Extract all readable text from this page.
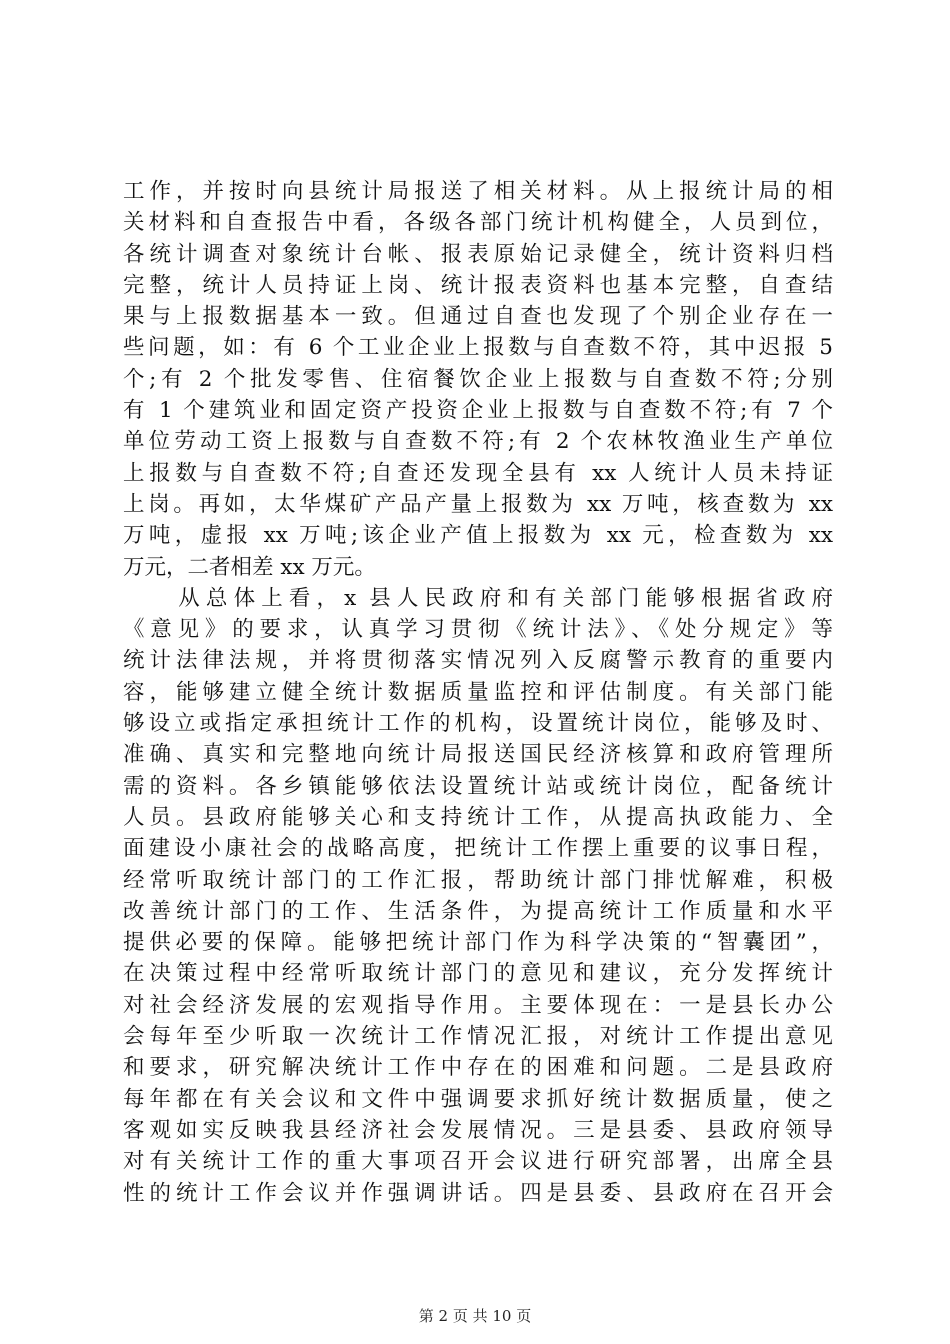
工作，并按时向县统计局报送了相关材料。从上报统计局的相
关材料和自查报告中看，各级各部门统计机构健全，人员到位，
各统计调查对象统计台帐、报表原始记录健全，统计资料归档
完整，统计人员持证上岗、统计报表资料也基本完整，自查结
果与上报数据基本一致。但通过自查也发现了个别企业存在一
些问题，如：有 6 个工业企业上报数与自查数不符，其中迟报 5
个;有 2 个批发零售、住宿餐饮企业上报数与自查数不符;分别
有 1 个建筑业和固定资产投资企业上报数与自查数不符;有 7 个
单位劳动工资上报数与自查数不符;有 2 个农林牧渔业生产单位
上报数与自查数不符;自查还发现全县有 xx 人统计人员未持证
上岗。再如，太华煤矿产品产量上报数为 xx 万吨，核查数为 xx
万吨，虚报 xx 万吨;该企业产值上报数为 xx 元，检查数为 xx
万元，二者相差 xx 万元。
　　从总体上看，x 县人民政府和有关部门能够根据省政府
《意见》的要求，认真学习贯彻《统计法》、《处分规定》等
统计法律法规，并将贯彻落实情况列入反腐警示教育的重要内
容，能够建立健全统计数据质量监控和评估制度。有关部门能
够设立或指定承担统计工作的机构，设置统计岗位，能够及时、
准确、真实和完整地向统计局报送国民经济核算和政府管理所
需的资料。各乡镇能够依法设置统计站或统计岗位，配备统计
人员。县政府能够关心和支持统计工作，从提高执政能力、全
面建设小康社会的战略高度，把统计工作摆上重要的议事日程，
经常听取统计部门的工作汇报，帮助统计部门排忧解难，积极
改善统计部门的工作、生活条件，为提高统计工作质量和水平
提供必要的保障。能够把统计部门作为科学决策的“智囊团”，
在决策过程中经常听取统计部门的意见和建议，充分发挥统计
对社会经济发展的宏观指导作用。主要体现在：一是县长办公
会每年至少听取一次统计工作情况汇报，对统计工作提出意见
和要求，研究解决统计工作中存在的困难和问题。二是县政府
每年都在有关会议和文件中强调要求抓好统计数据质量，使之
客观如实反映我县经济社会发展情况。三是县委、县政府领导
对有关统计工作的重大事项召开会议进行研究部署，出席全县
性的统计工作会议并作强调讲话。四是县委、县政府在召开会
第 2 页 共 10 页
